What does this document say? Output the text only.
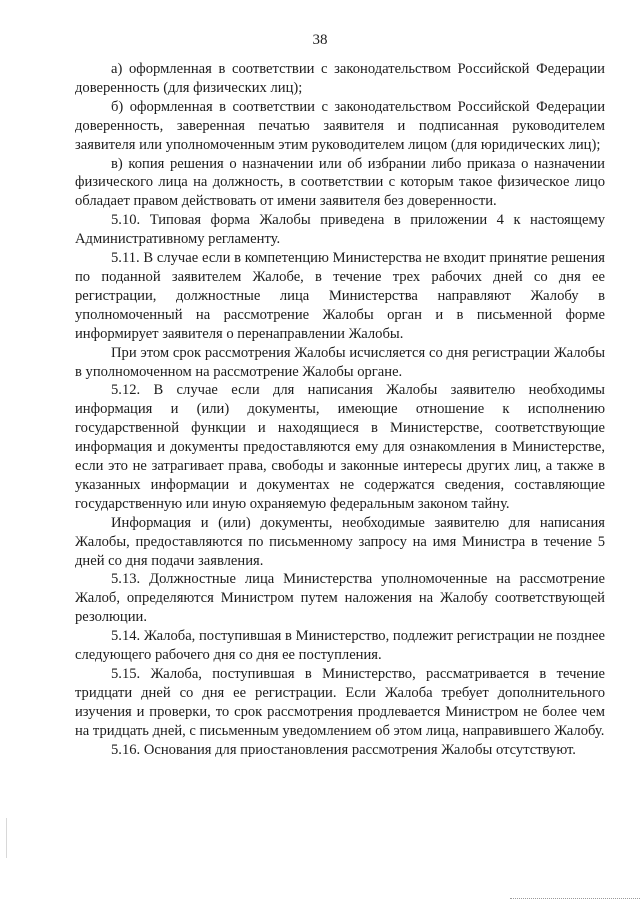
38

а) оформленная в соответствии с законодательством Российской Федерации доверенность (для физических лиц);

б) оформленная в соответствии с законодательством Российской Федерации доверенность, заверенная печатью заявителя и подписанная руководителем заявителя или уполномоченным этим руководителем лицом (для юридических лиц);

в) копия решения о назначении или об избрании либо приказа о назначении физического лица на должность, в соответствии с которым такое физическое лицо обладает правом действовать от имени заявителя без доверенности.

5.10. Типовая форма Жалобы приведена в приложении 4 к настоящему Административному регламенту.

5.11. В случае если в компетенцию Министерства не входит принятие решения по поданной заявителем Жалобе, в течение трех рабочих дней со дня ее регистрации, должностные лица Министерства направляют Жалобу в уполномоченный на рассмотрение Жалобы орган и в письменной форме информирует заявителя о перенаправлении Жалобы.

При этом срок рассмотрения Жалобы исчисляется со дня регистрации Жалобы в уполномоченном на рассмотрение Жалобы органе.

5.12. В случае если для написания Жалобы заявителю необходимы информация и (или) документы, имеющие отношение к исполнению государственной функции и находящиеся в Министерстве, соответствующие информация и документы предоставляются ему для ознакомления в Министерстве, если это не затрагивает права, свободы и законные интересы других лиц, а также в указанных информации и документах не содержатся сведения, составляющие государственную или иную охраняемую федеральным законом тайну.

Информация и (или) документы, необходимые заявителю для написания Жалобы, предоставляются по письменному запросу на имя Министра в течение 5 дней со дня подачи заявления.

5.13. Должностные лица Министерства уполномоченные на рассмотрение Жалоб, определяются Министром путем наложения на Жалобу соответствующей резолюции.

5.14. Жалоба, поступившая в Министерство, подлежит регистрации не позднее следующего рабочего дня со дня ее поступления.

5.15. Жалоба, поступившая в Министерство, рассматривается в течение тридцати дней со дня ее регистрации. Если Жалоба требует дополнительного изучения и проверки, то срок рассмотрения продлевается Министром не более чем на тридцать дней, с письменным уведомлением об этом лица, направившего Жалобу.

5.16. Основания для приостановления рассмотрения Жалобы отсутствуют.
